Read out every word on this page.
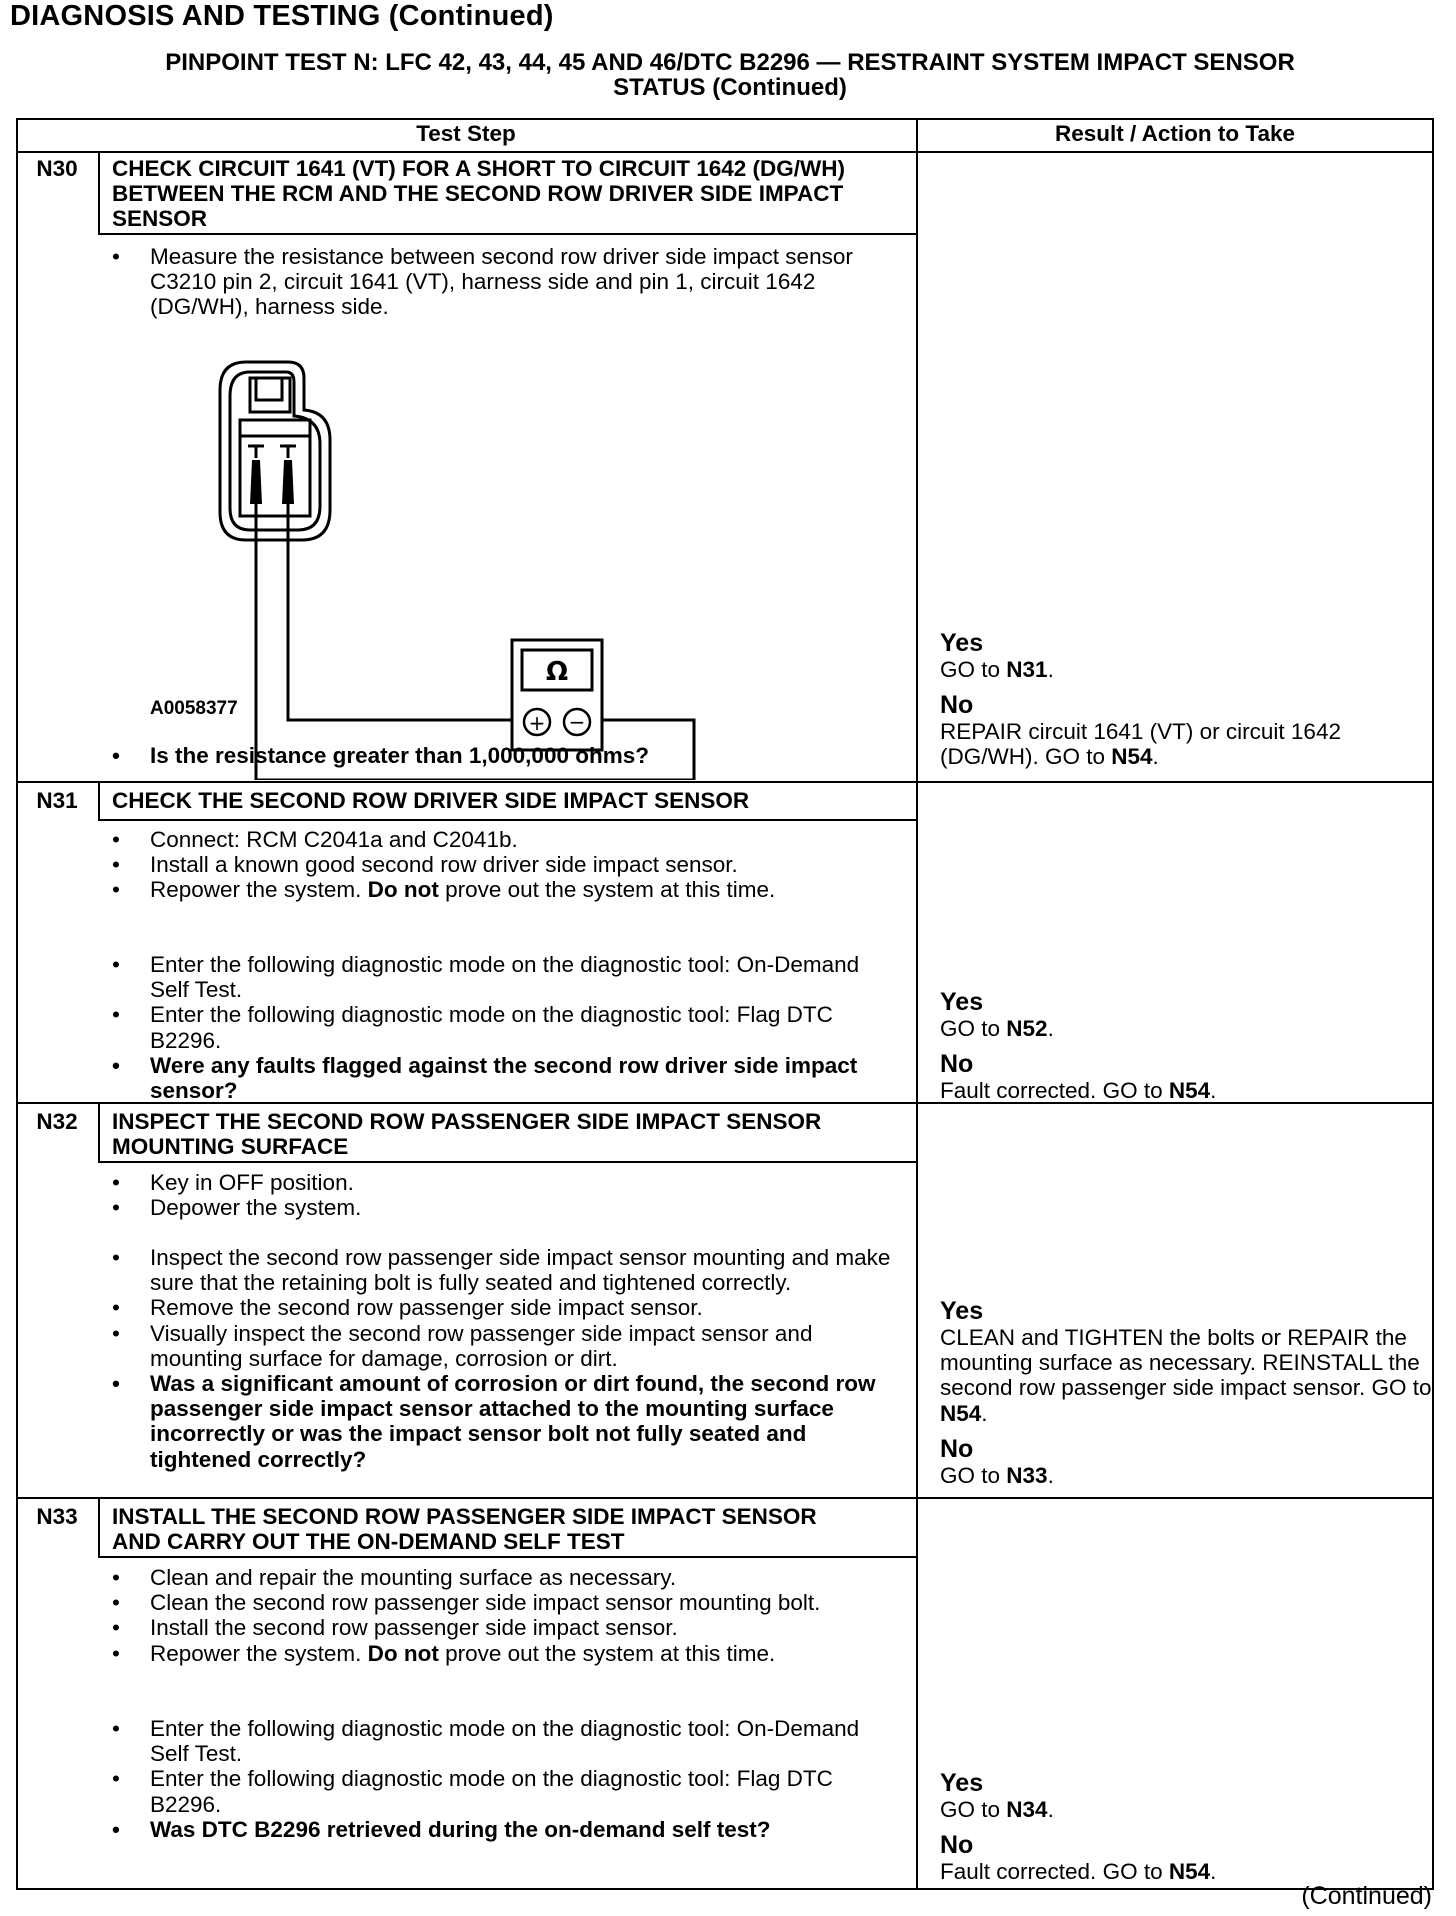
DIAGNOSIS AND TESTING (Continued)
PINPOINT TEST N: LFC 42, 43, 44, 45 AND 46/DTC B2296 — RESTRAINT SYSTEM IMPACT SENSOR
STATUS (Continued)
Test Step	Result / Action to Take
N30	CHECK CIRCUIT 1641 (VT) FOR A SHORT TO CIRCUIT 1642 (DG/WH) BETWEEN THE RCM AND THE SECOND ROW DRIVER SIDE IMPACT SENSOR
• Measure the resistance between second row driver side impact sensor C3210 pin 2, circuit 1641 (VT), harness side and pin 1, circuit 1642 (DG/WH), harness side.
Ω
+ −
A0058377
• Is the resistance greater than 1,000,000 ohms?
Yes
GO to N31.
No
REPAIR circuit 1641 (VT) or circuit 1642 (DG/WH). GO to N54.
N31	CHECK THE SECOND ROW DRIVER SIDE IMPACT SENSOR
• Connect: RCM C2041a and C2041b.
• Install a known good second row driver side impact sensor.
• Repower the system. Do not prove out the system at this time.
• Enter the following diagnostic mode on the diagnostic tool: On-Demand Self Test.
• Enter the following diagnostic mode on the diagnostic tool: Flag DTC B2296.
• Were any faults flagged against the second row driver side impact sensor?
Yes
GO to N52.
No
Fault corrected. GO to N54.
N32	INSPECT THE SECOND ROW PASSENGER SIDE IMPACT SENSOR MOUNTING SURFACE
• Key in OFF position.
• Depower the system.
• Inspect the second row passenger side impact sensor mounting and make sure that the retaining bolt is fully seated and tightened correctly.
• Remove the second row passenger side impact sensor.
• Visually inspect the second row passenger side impact sensor and mounting surface for damage, corrosion or dirt.
• Was a significant amount of corrosion or dirt found, the second row passenger side impact sensor attached to the mounting surface incorrectly or was the impact sensor bolt not fully seated and tightened correctly?
Yes
CLEAN and TIGHTEN the bolts or REPAIR the mounting surface as necessary. REINSTALL the second row passenger side impact sensor. GO to N54.
No
GO to N33.
N33	INSTALL THE SECOND ROW PASSENGER SIDE IMPACT SENSOR AND CARRY OUT THE ON-DEMAND SELF TEST
• Clean and repair the mounting surface as necessary.
• Clean the second row passenger side impact sensor mounting bolt.
• Install the second row passenger side impact sensor.
• Repower the system. Do not prove out the system at this time.
• Enter the following diagnostic mode on the diagnostic tool: On-Demand Self Test.
• Enter the following diagnostic mode on the diagnostic tool: Flag DTC B2296.
• Was DTC B2296 retrieved during the on-demand self test?
Yes
GO to N34.
No
Fault corrected. GO to N54.
(Continued)
